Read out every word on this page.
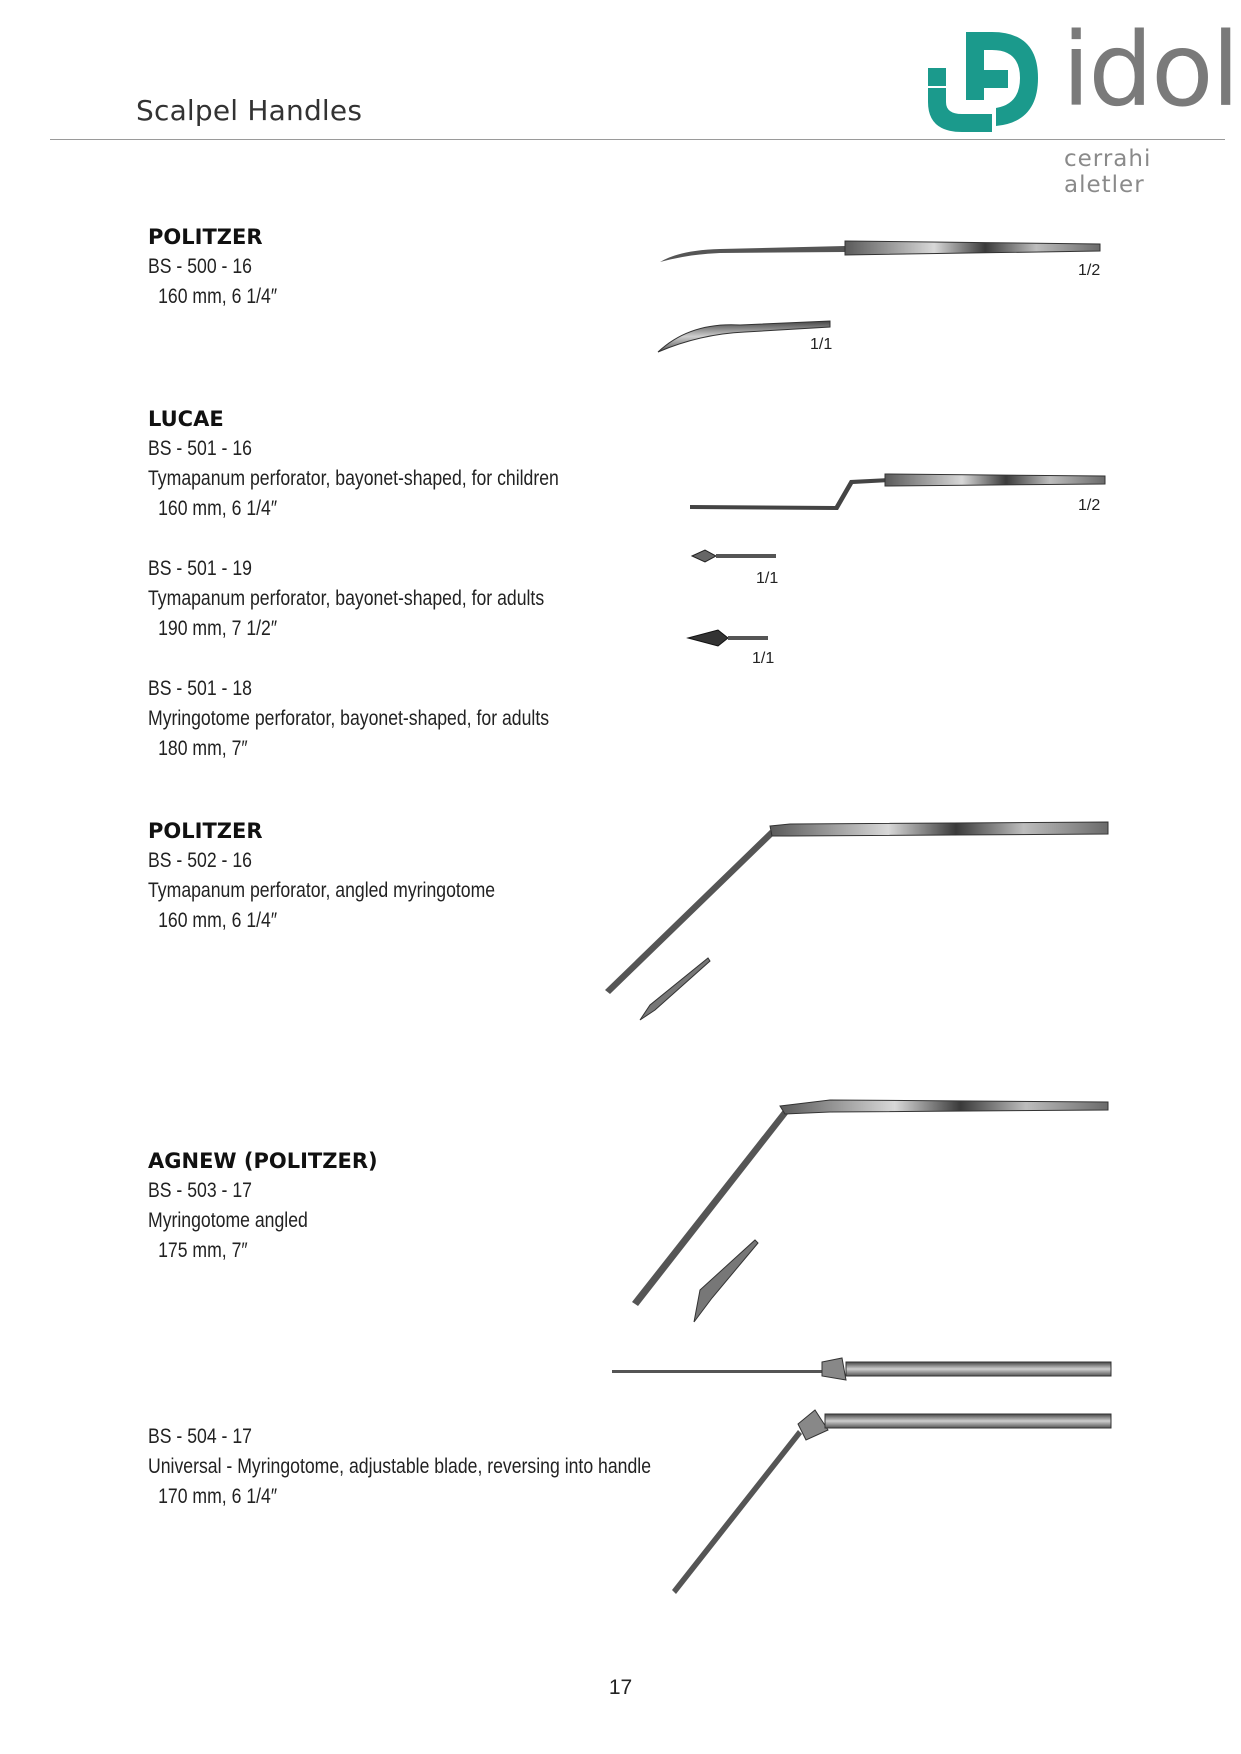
Scalpel Handles	idol
cerrahi aletler
POLITZER
BS - 500 - 16
160 mm, 6 1/4″
LUCAE
BS - 501 - 16
Tymapanum perforator, bayonet-shaped, for children
160 mm, 6 1/4″
BS - 501 - 19
Tymapanum perforator, bayonet-shaped, for adults
190 mm, 7 1/2″
BS - 501 - 18
Myringotome perforator, bayonet-shaped, for adults
180 mm, 7″
POLITZER
BS - 502 - 16
Tymapanum perforator, angled myringotome
160 mm, 6 1/4″
AGNEW (POLITZER)
BS - 503 - 17
Myringotome angled
175 mm, 7″
BS - 504 - 17
Universal - Myringotome, adjustable blade, reversing into handle
170 mm, 6 1/4″
1/2
1/1
1/2
1/1
1/1
17
